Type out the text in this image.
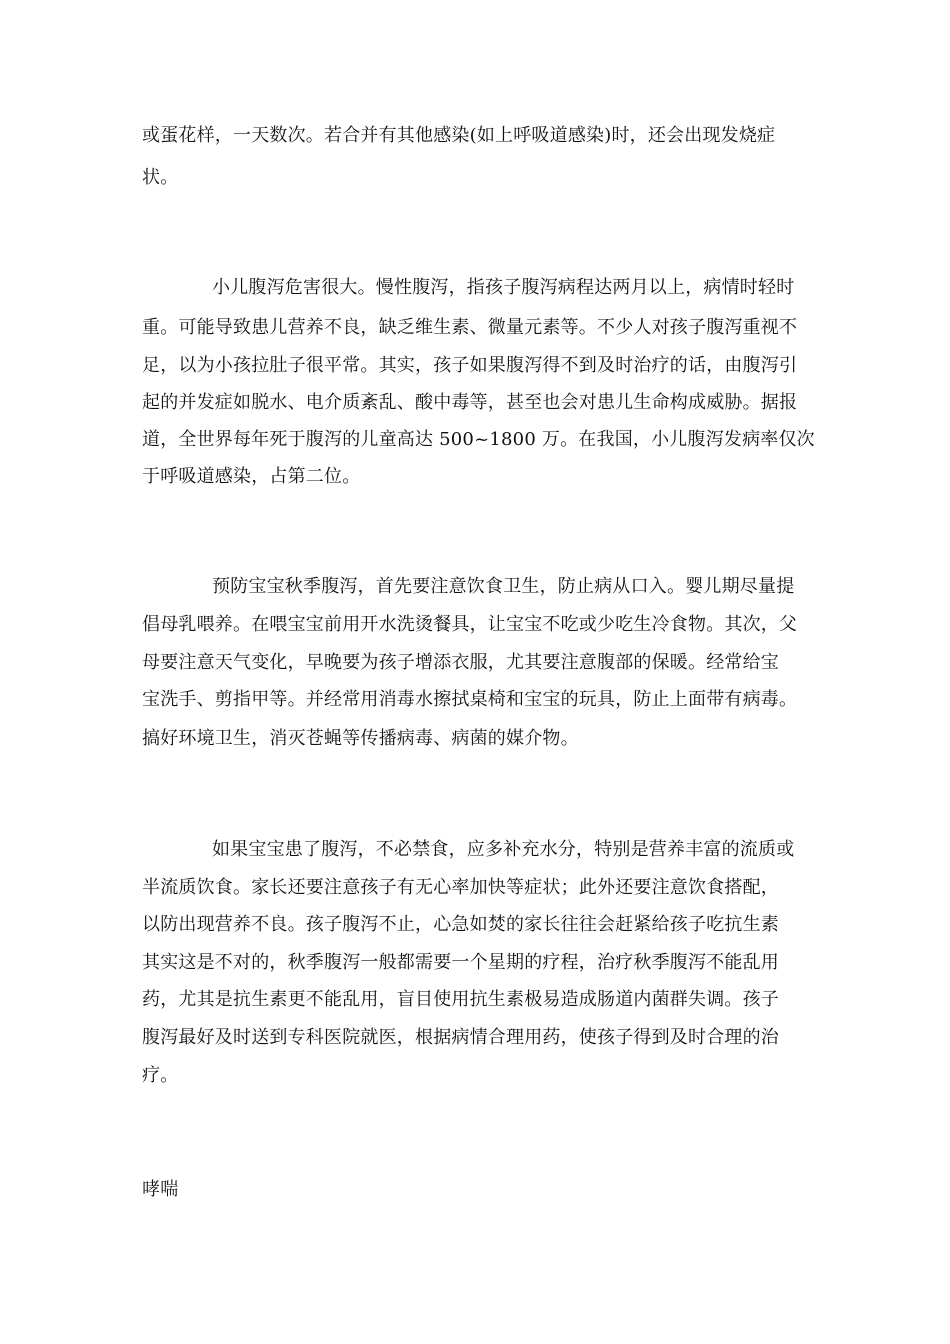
或蛋花样，一天数次。若合并有其他感染(如上呼吸道感染)时，还会出现发烧症

状。

小儿腹泻危害很大。慢性腹泻，指孩子腹泻病程达两月以上，病情时轻时

重。可能导致患儿营养不良，缺乏维生素、微量元素等。不少人对孩子腹泻重视不

足，以为小孩拉肚子很平常。其实，孩子如果腹泻得不到及时治疗的话，由腹泻引

起的并发症如脱水、电介质紊乱、酸中毒等，甚至也会对患儿生命构成威胁。据报

道，全世界每年死于腹泻的儿童高达 500~1800 万。在我国，小儿腹泻发病率仅次

于呼吸道感染，占第二位。

预防宝宝秋季腹泻，首先要注意饮食卫生，防止病从口入。婴儿期尽量提

倡母乳喂养。在喂宝宝前用开水洗烫餐具，让宝宝不吃或少吃生冷食物。其次，父

母要注意天气变化，早晚要为孩子增添衣服，尤其要注意腹部的保暖。经常给宝

宝洗手、剪指甲等。并经常用消毒水擦拭桌椅和宝宝的玩具，防止上面带有病毒。

搞好环境卫生，消灭苍蝇等传播病毒、病菌的媒介物。

如果宝宝患了腹泻，不必禁食，应多补充水分，特别是营养丰富的流质或

半流质饮食。家长还要注意孩子有无心率加快等症状；此外还要注意饮食搭配，

以防出现营养不良。孩子腹泻不止，心急如焚的家长往往会赶紧给孩子吃抗生素

其实这是不对的，秋季腹泻一般都需要一个星期的疗程，治疗秋季腹泻不能乱用

药，尤其是抗生素更不能乱用，盲目使用抗生素极易造成肠道内菌群失调。孩子

腹泻最好及时送到专科医院就医，根据病情合理用药，使孩子得到及时合理的治

疗。

哮喘
